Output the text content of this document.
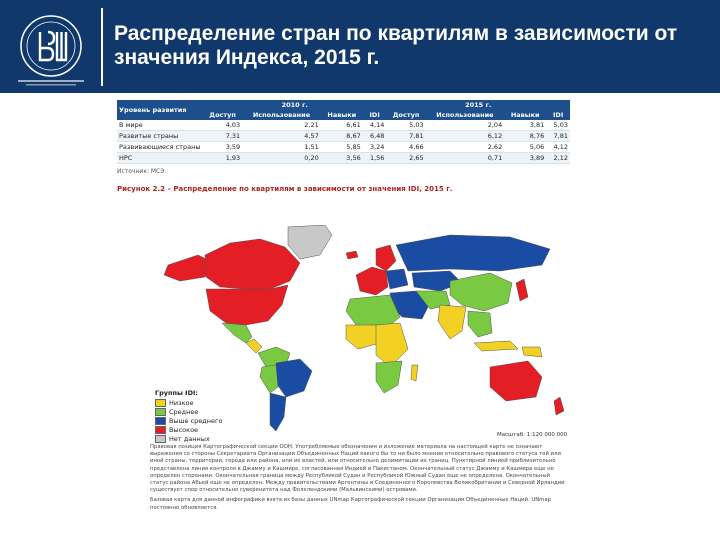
Распределение стран по квартилям в зависимости от значения Индекса, 2015 г.
Уровень развития	2010 г.				2015 г.			
	Доступ	Использование	Навыки	IDI	Доступ	Использование	Навыки	IDI
В мире	4,03	2,21	6,61	4,14	5,03	2,04	3,81	5,03
Развитые страны	7,31	4,57	8,67	6,48	7,81	6,12	8,76	7,81
Развивающиеся страны	3,59	1,51	5,85	3,24	4,66	2,62	5,06	4,12
НРС	1,93	0,20	3,56	1,56	2,65	0,71	3,89	2,12
Источник: МСЭ.
Рисунок 2.2 – Распределение по квартилям в зависимости от значения IDI, 2015 г.
Группы IDI:
Низкое
Среднее
Выше среднего
Высокое
Нет данных	Масштаб: 1:120 000 000

Правовая позиция Картографической секции ООН: Употребляемые обозначения и изложение материала на настоящей карте не означают выражения со стороны Секретариата Организации Объединенных Наций какого бы то ни было мнения относительно правового статуса той или иной страны, территории, города или района, или их властей, или относительно делимитации их границ. Пунктирной линией приблизительно представлена линия контроля в Джамму и Кашмире, согласованная Индией и Пакистаном. Окончательный статус Джамму и Кашмира еще не определен сторонами. Окончательная граница между Республикой Судан и Республикой Южный Судан еще не определена. Окончательный статус района Абьей еще не определен. Между правительствами Аргентины и Соединенного Королевства Великобритании и Северной Ирландии существует спор относительно суверенитета над Фолклендскими (Мальвинскими) островами.

Базовая карта для данной инфографики взята из базы данных UNmap Картографической секции Организации Объединенных Наций. UNmap постоянно обновляется.
